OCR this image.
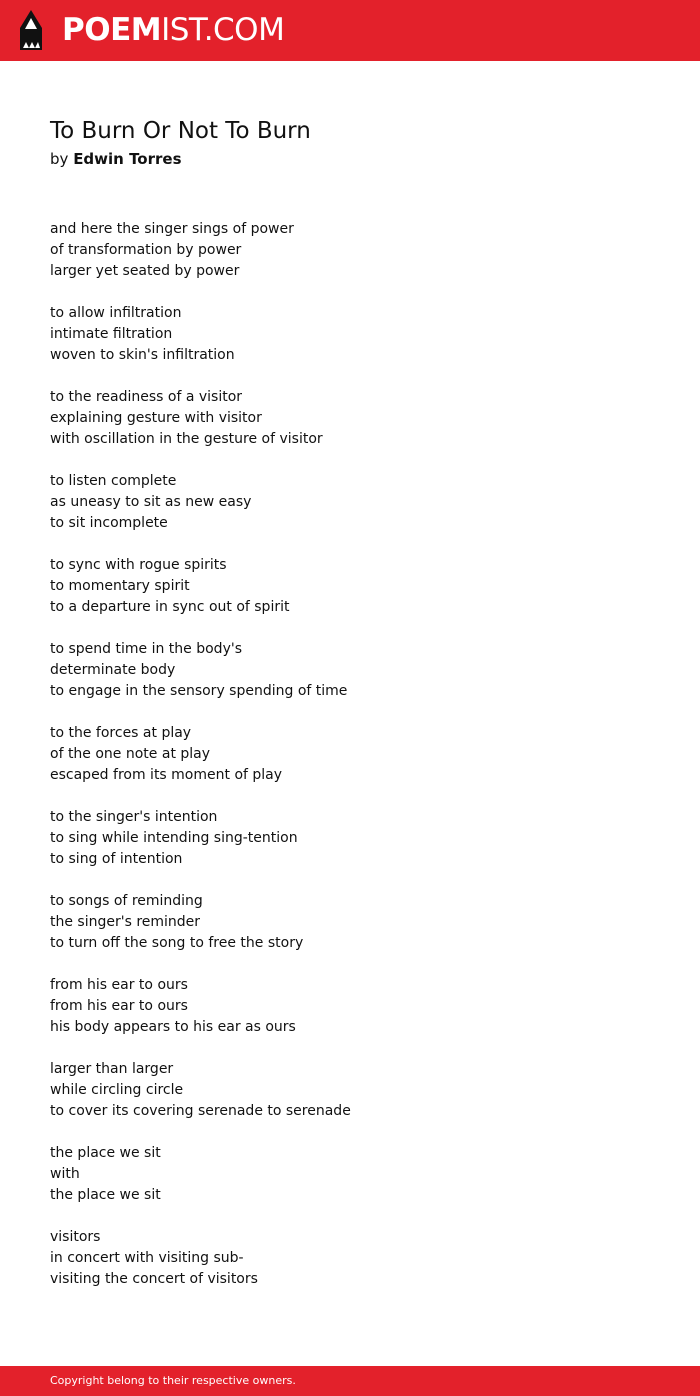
POEMIST.COM
To Burn Or Not To Burn
by Edwin Torres
and here the singer sings of power
of transformation by power
larger yet seated by power
to allow infiltration
intimate filtration
woven to skin's infiltration
to the readiness of a visitor
explaining gesture with visitor
with oscillation in the gesture of visitor
to listen complete
as uneasy to sit as new easy
to sit incomplete
to sync with rogue spirits
to momentary spirit
to a departure in sync out of spirit
to spend time in the body's
determinate body
to engage in the sensory spending of time
to the forces at play
of the one note at play
escaped from its moment of play
to the singer's intention
to sing while intending sing-tention
to sing of intention
to songs of reminding
the singer's reminder
to turn off the song to free the story
from his ear to ours
from his ear to ours
his body appears to his ear as ours
larger than larger
while circling circle
to cover its covering serenade to serenade
the place we sit
with
the place we sit
visitors
in concert with visiting sub-
visiting the concert of visitors
Copyright belong to their respective owners.
